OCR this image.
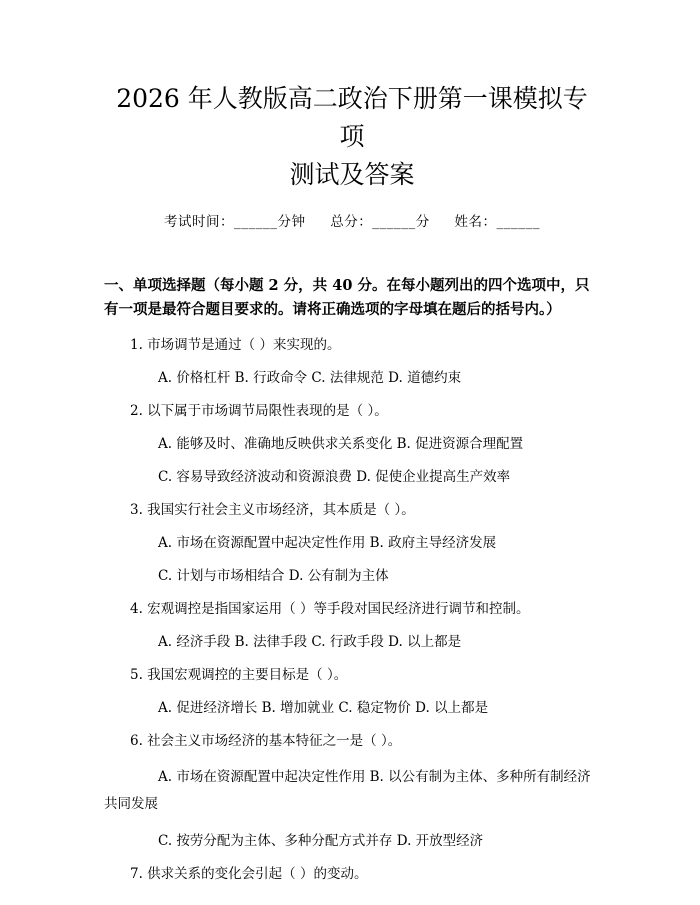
2026 年人教版高二政治下册第一课模拟专项
测试及答案
考试时间：______分钟 总分：______分 姓名：______
一、单项选择题（每小题 2 分，共 40 分。在每小题列出的四个选项中，只有一项是最符合题目要求的。请将正确选项的字母填在题后的括号内。）
1. 市场调节是通过（ ）来实现的。
A. 价格杠杆 B. 行政命令 C. 法律规范 D. 道德约束
2. 以下属于市场调节局限性表现的是（ ）。
A. 能够及时、准确地反映供求关系变化 B. 促进资源合理配置
C. 容易导致经济波动和资源浪费 D. 促使企业提高生产效率
3. 我国实行社会主义市场经济，其本质是（ ）。
A. 市场在资源配置中起决定性作用 B. 政府主导经济发展
C. 计划与市场相结合 D. 公有制为主体
4. 宏观调控是指国家运用（ ）等手段对国民经济进行调节和控制。
A. 经济手段 B. 法律手段 C. 行政手段 D. 以上都是
5. 我国宏观调控的主要目标是（ ）。
A. 促进经济增长 B. 增加就业 C. 稳定物价 D. 以上都是
6. 社会主义市场经济的基本特征之一是（ ）。
A. 市场在资源配置中起决定性作用 B. 以公有制为主体、多种所有制经济共同发展
C. 按劳分配为主体、多种分配方式并存 D. 开放型经济
7. 供求关系的变化会引起（ ）的变动。
